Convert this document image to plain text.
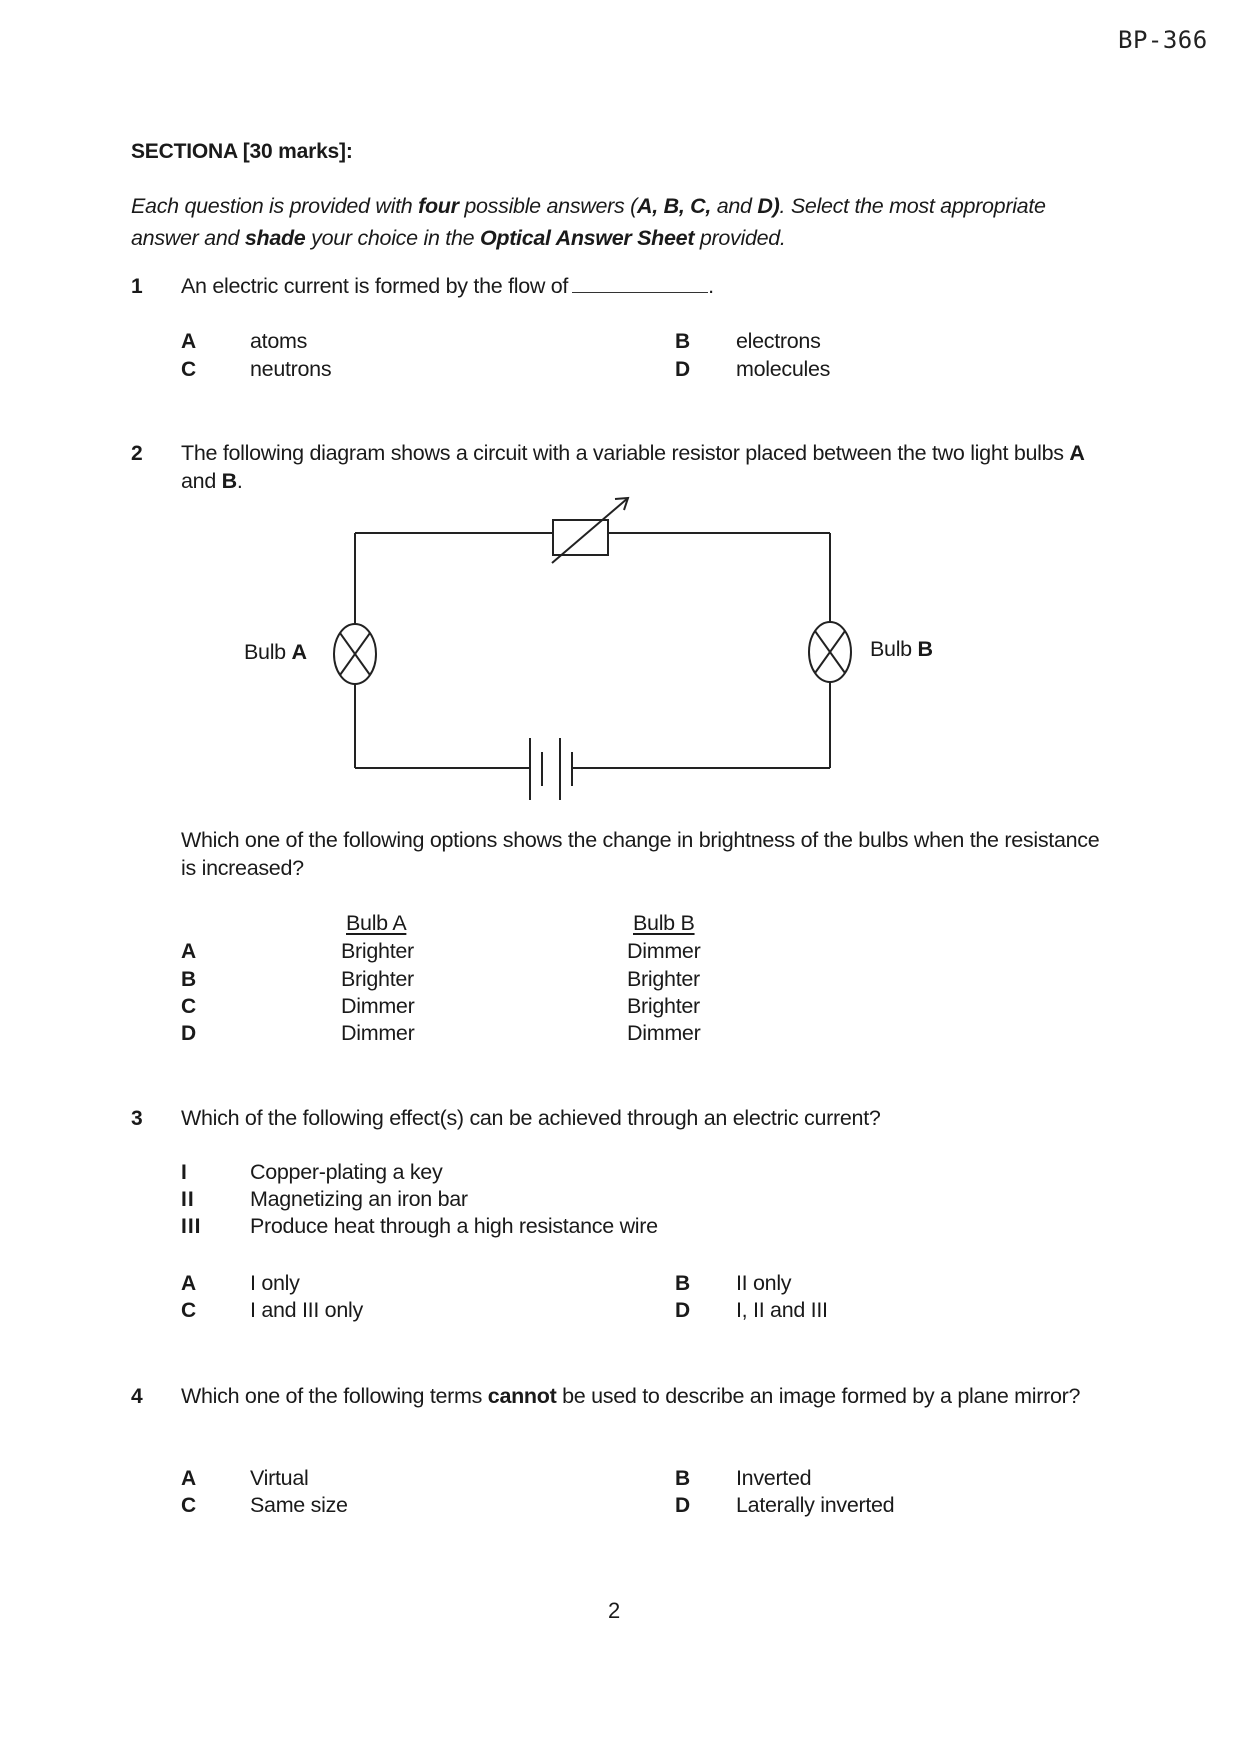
BP-366
SECTIONA [30 marks]:
Each question is provided with four possible answers (A, B, C, and D). Select the most appropriate answer and shade your choice in the Optical Answer Sheet provided.
1 An electric current is formed by the flow of	.
A	atoms	B electrons
C	neutrons	D molecules
2 The following diagram shows a circuit with a variable resistor placed between the two light bulbs A and B.
Bulb A	Bulb B
Which one of the following options shows the change in brightness of the bulbs when the resistance is increased?
Bulb A	Bulb B
A	Brighter	Dimmer
B	Brighter	Brighter
C	Dimmer	Brighter
D	Dimmer	Dimmer
3 Which of the following effect(s) can be achieved through an electric current?
I	Copper-plating a key
II	Magnetizing an iron bar
III Produce heat through a high resistance wire
A	I only	B II only
C	I and III only	D I, II and III
4 Which one of the following terms cannot be used to describe an image formed by a plane mirror?
A	Virtual	B Inverted
C	Same size	D Laterally inverted
2
